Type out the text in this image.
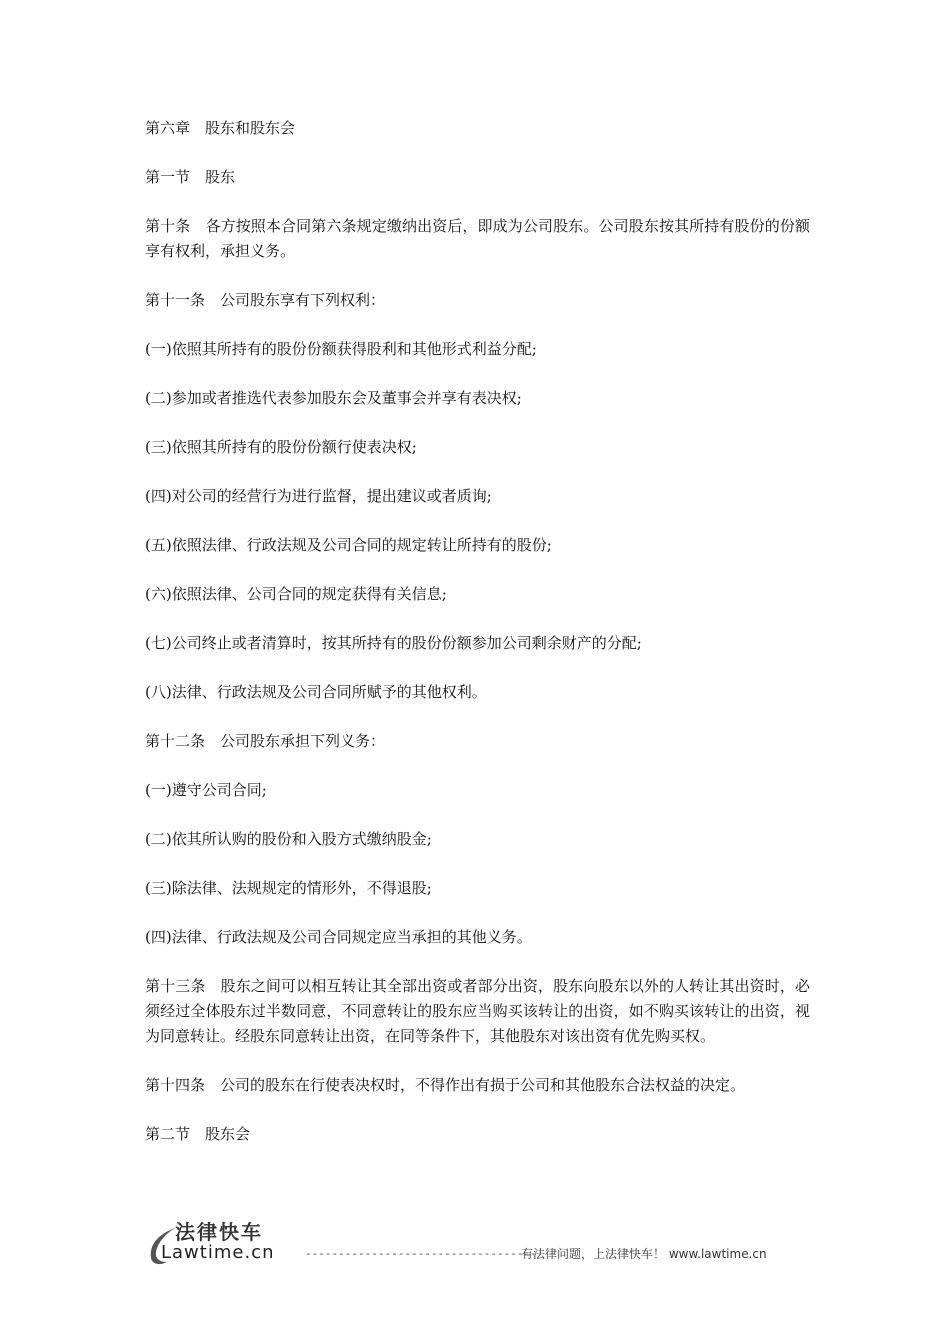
第六章　股东和股东会

第一节　股东

第十条　各方按照本合同第六条规定缴纳出资后，即成为公司股东。公司股东按其所持有股份的份额享有权利，承担义务。

第十一条　公司股东享有下列权利：

(一)依照其所持有的股份份额获得股利和其他形式利益分配;

(二)参加或者推选代表参加股东会及董事会并享有表决权;

(三)依照其所持有的股份份额行使表决权;

(四)对公司的经营行为进行监督，提出建议或者质询;

(五)依照法律、行政法规及公司合同的规定转让所持有的股份;

(六)依照法律、公司合同的规定获得有关信息;

(七)公司终止或者清算时，按其所持有的股份份额参加公司剩余财产的分配;

(八)法律、行政法规及公司合同所赋予的其他权利。

第十二条　公司股东承担下列义务：

(一)遵守公司合同;

(二)依其所认购的股份和入股方式缴纳股金;

(三)除法律、法规规定的情形外，不得退股;

(四)法律、行政法规及公司合同规定应当承担的其他义务。

第十三条　股东之间可以相互转让其全部出资或者部分出资，股东向股东以外的人转让其出资时，必须经过全体股东过半数同意，不同意转让的股东应当购买该转让的出资，如不购买该转让的出资，视为同意转让。经股东同意转让出资，在同等条件下，其他股东对该出资有优先购买权。

第十四条　公司的股东在行使表决权时，不得作出有损于公司和其他股东合法权益的决定。

第二节　股东会

法律快车
Lawtime.cn	-----------------------------------
有法律问题，上法律快车！ www.lawtime.cn
